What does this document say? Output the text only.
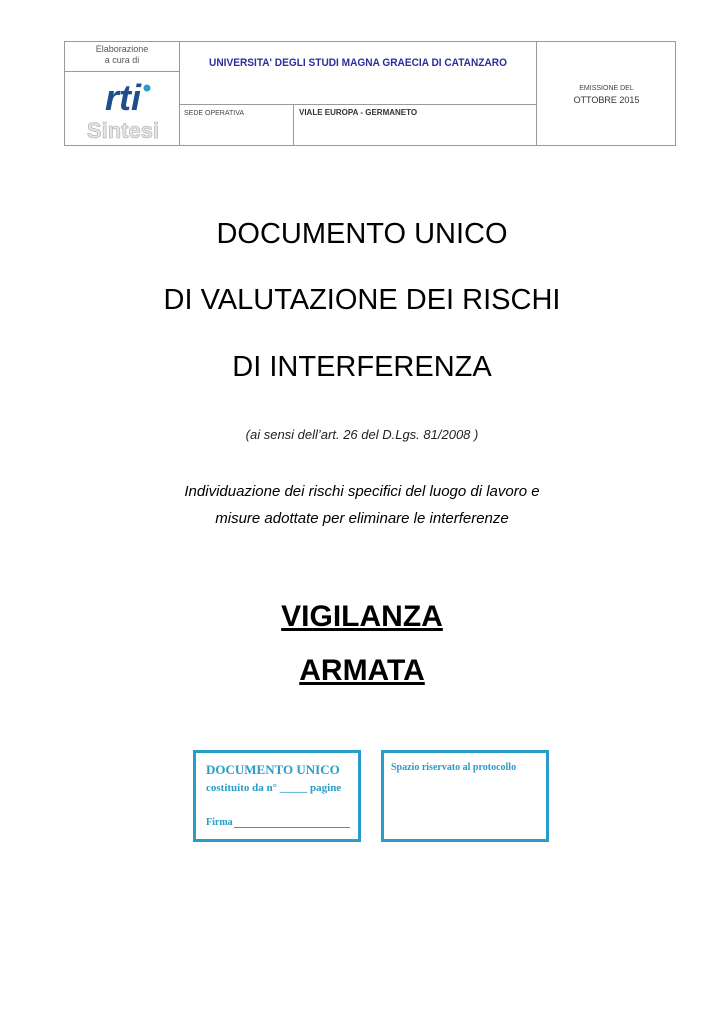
Elaborazione
a cura di
rti
Sintesi
UNIVERSITA' DEGLI STUDI MAGNA GRAECIA DI CATANZARO
SEDE OPERATIVA	VIALE EUROPA - GERMANETO
EMISSIONE DEL
OTTOBRE 2015
DOCUMENTO UNICO
DI VALUTAZIONE DEI RISCHI
DI INTERFERENZA
(ai sensi dell’art. 26 del D.Lgs. 81/2008 )
Individuazione dei rischi specifici del luogo di lavoro e
misure adottate per eliminare le interferenze
VIGILANZA
ARMATA
DOCUMENTO UNICO
costituito da n° _____ pagine
Firma
Spazio riservato al protocollo
